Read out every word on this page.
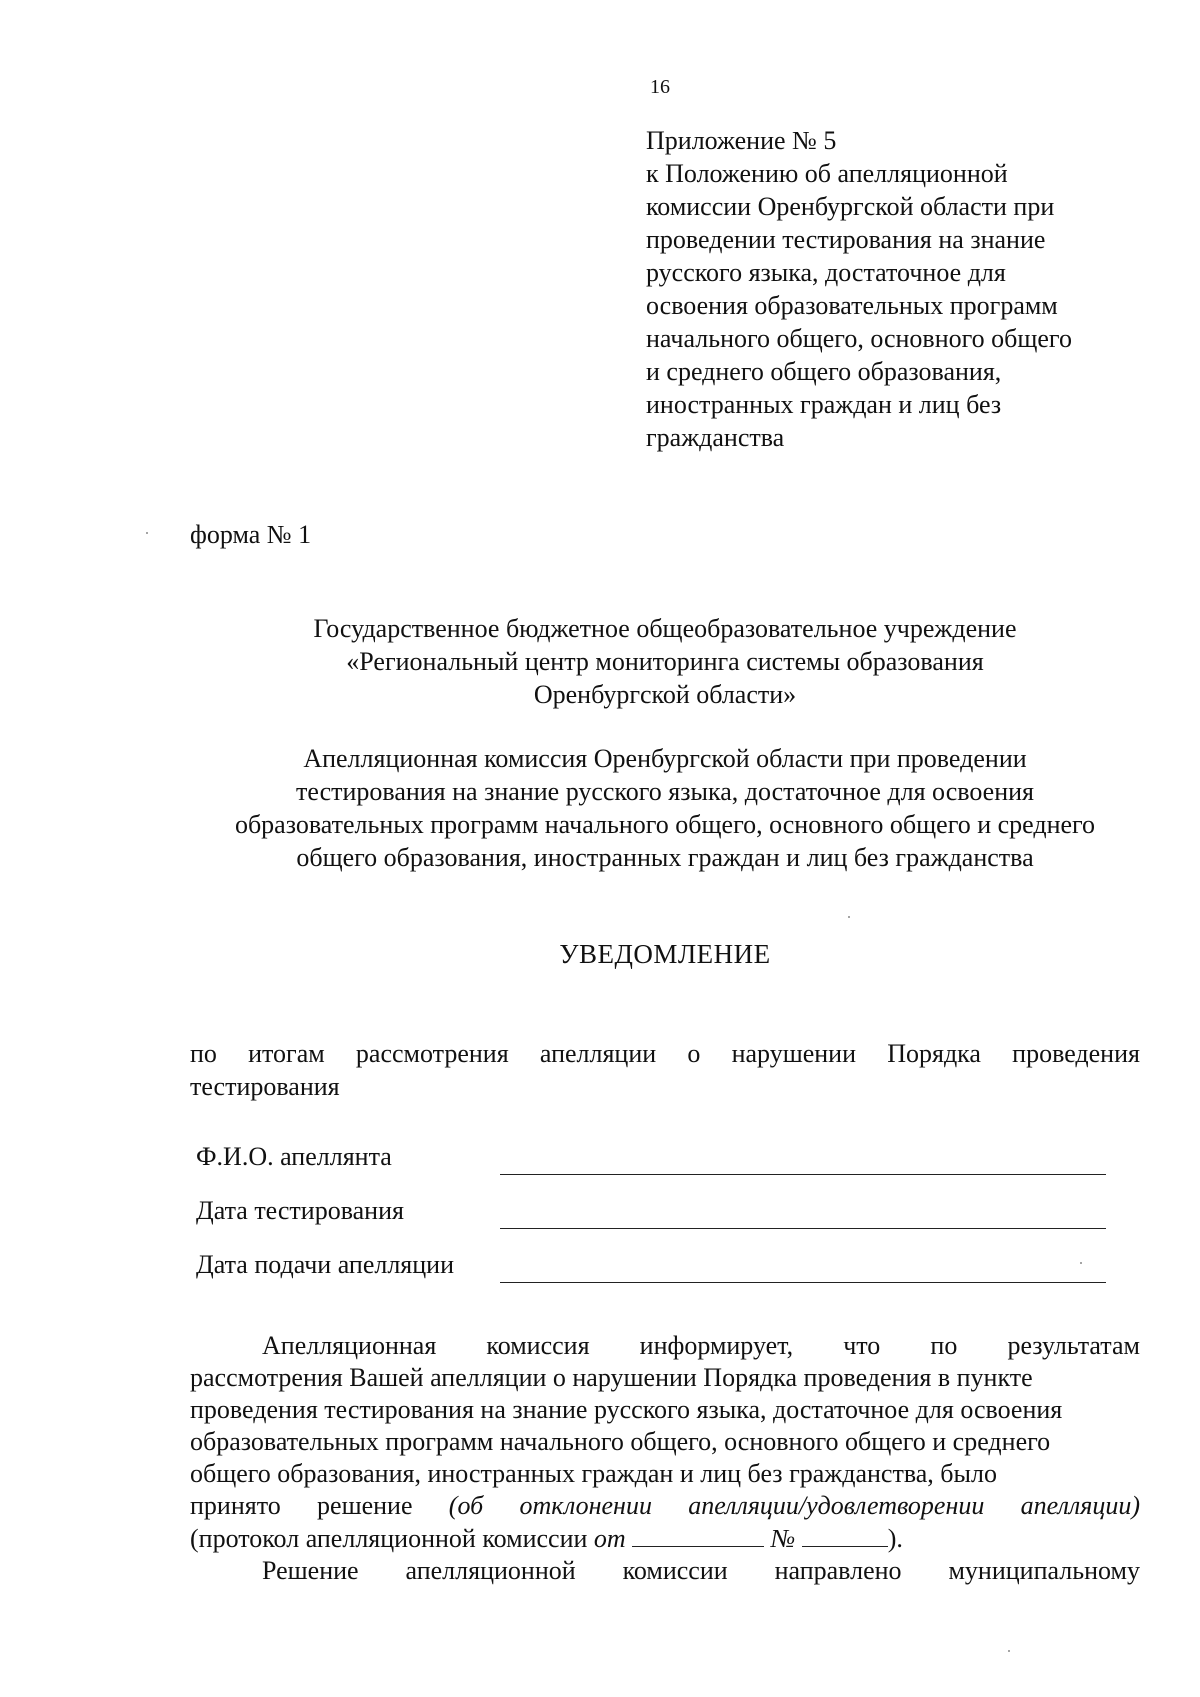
16
Приложение № 5
к Положению об апелляционной
комиссии Оренбургской области при
проведении тестирования на знание
русского языка, достаточное для
освоения образовательных программ
начального общего, основного общего
и среднего общего образования,
иностранных граждан и лиц без
гражданства
форма № 1
Государственное бюджетное общеобразовательное учреждение
«Региональный центр мониторинга системы образования
Оренбургской области»
Апелляционная комиссия Оренбургской области при проведении
тестирования на знание русского языка, достаточное для освоения
образовательных программ начального общего, основного общего и среднего
общего образования, иностранных граждан и лиц без гражданства
УВЕДОМЛЕНИЕ
по итогам рассмотрения апелляции о нарушении Порядка проведения
тестирования
Ф.И.О. апеллянта
Дата тестирования
Дата подачи апелляции
Апелляционная комиссия информирует, что по результатам
рассмотрения Вашей апелляции о нарушении Порядка проведения в пункте
проведения тестирования на знание русского языка, достаточное для освоения
образовательных программ начального общего, основного общего и среднего
общего образования, иностранных граждан и лиц без гражданства, было
принято решение (об отклонении апелляции/удовлетворении апелляции)
(протокол апелляционной комиссии от	№	).
Решение апелляционной комиссии направлено муниципальному
